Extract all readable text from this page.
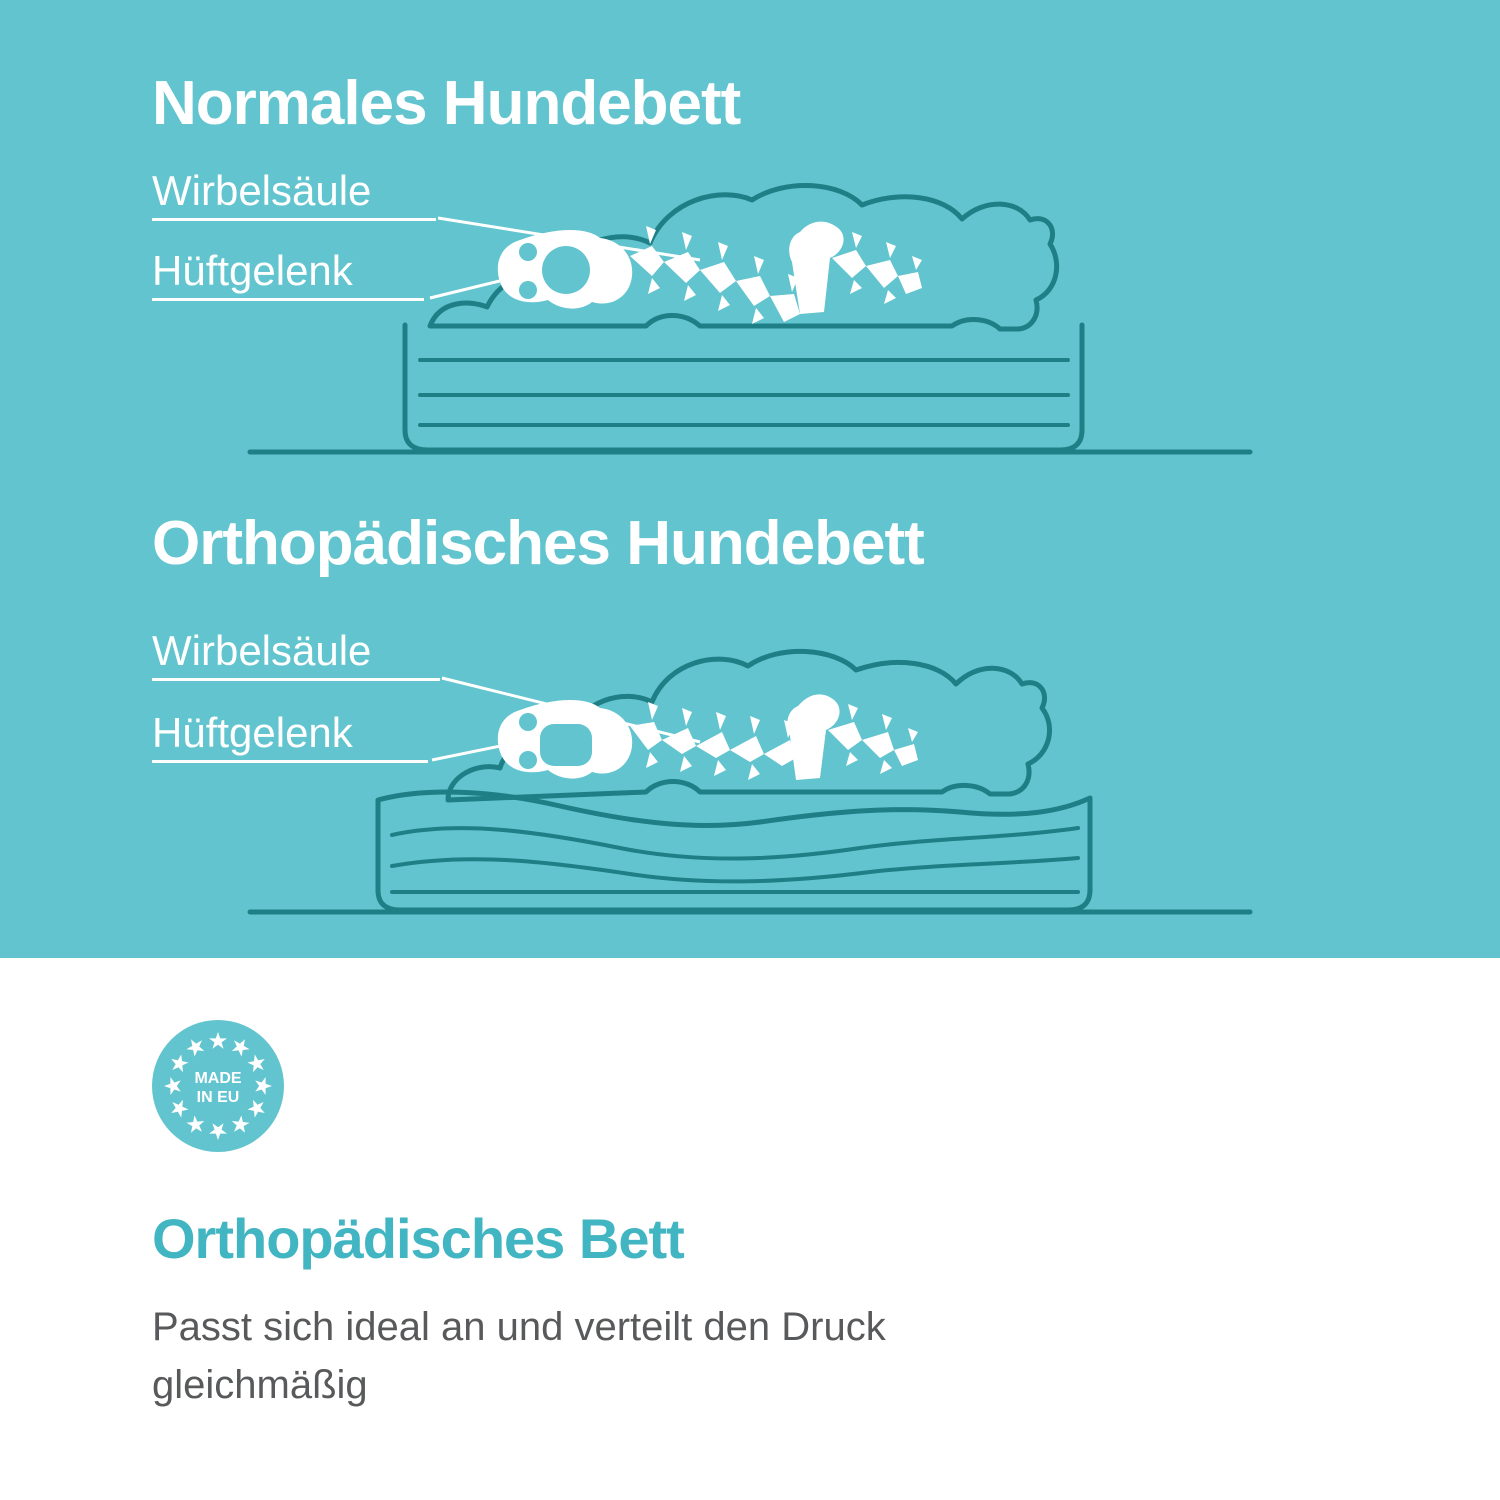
Normales Hundebett
Orthopädisches Hundebett
Wirbelsäule
Hüftgelenk
Wirbelsäule
Hüftgelenk
MADE
IN EU
Orthopädisches Bett
Passt sich ideal an und verteilt den Druck gleichmäßig
